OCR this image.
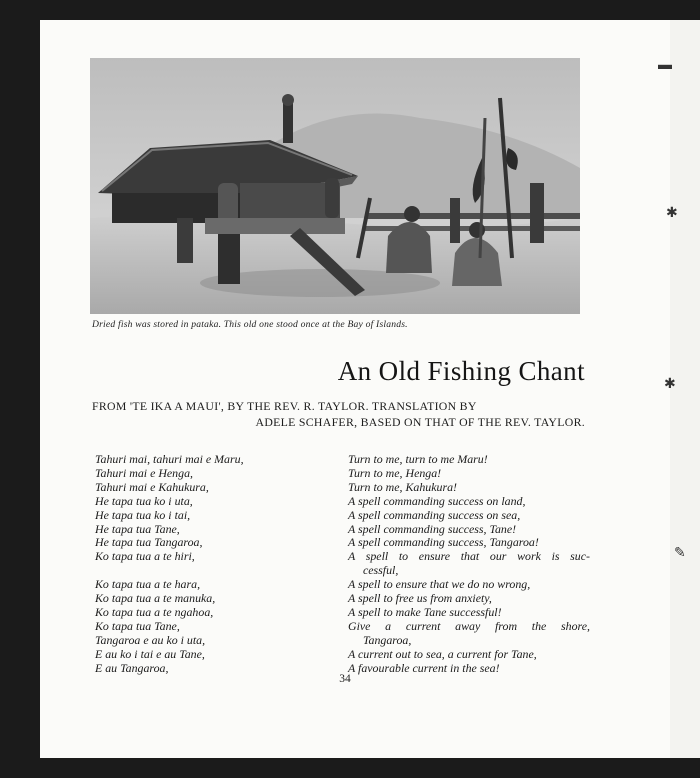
▬
✱
✱
✎
Dried fish was stored in pataka. This old one stood once at the Bay of Islands.
An Old Fishing Chant
FROM 'TE IKA A MAUI', BY THE REV. R. TAYLOR. TRANSLATION BY
ADELE SCHAFER, BASED ON THAT OF THE REV. TAYLOR.
Tahuri mai, tahuri mai e Maru,
Tahuri mai e Henga,
Tahuri mai e Kahukura,
He tapa tua ko i uta,
He tapa tua ko i tai,
He tapa tua Tane,
He tapa tua Tangaroa,
Ko tapa tua a te hiri,
Ko tapa tua a te hara,
Ko tapa tua a te manuka,
Ko tapa tua a te ngahoa,
Ko tapa tua Tane,
Tangaroa e au ko i uta,
E au ko i tai e au Tane,
E au Tangaroa,
Turn to me, turn to me Maru!
Turn to me, Henga!
Turn to me, Kahukura!
A spell commanding success on land,
A spell commanding success on sea,
A spell commanding success, Tane!
A spell commanding success, Tangaroa!
A spell to ensure that our work is suc-
cessful,
A spell to ensure that we do no wrong,
A spell to free us from anxiety,
A spell to make Tane successful!
Give a current away from the shore,
Tangaroa,
A current out to sea, a current for Tane,
A favourable current in the sea!
34
